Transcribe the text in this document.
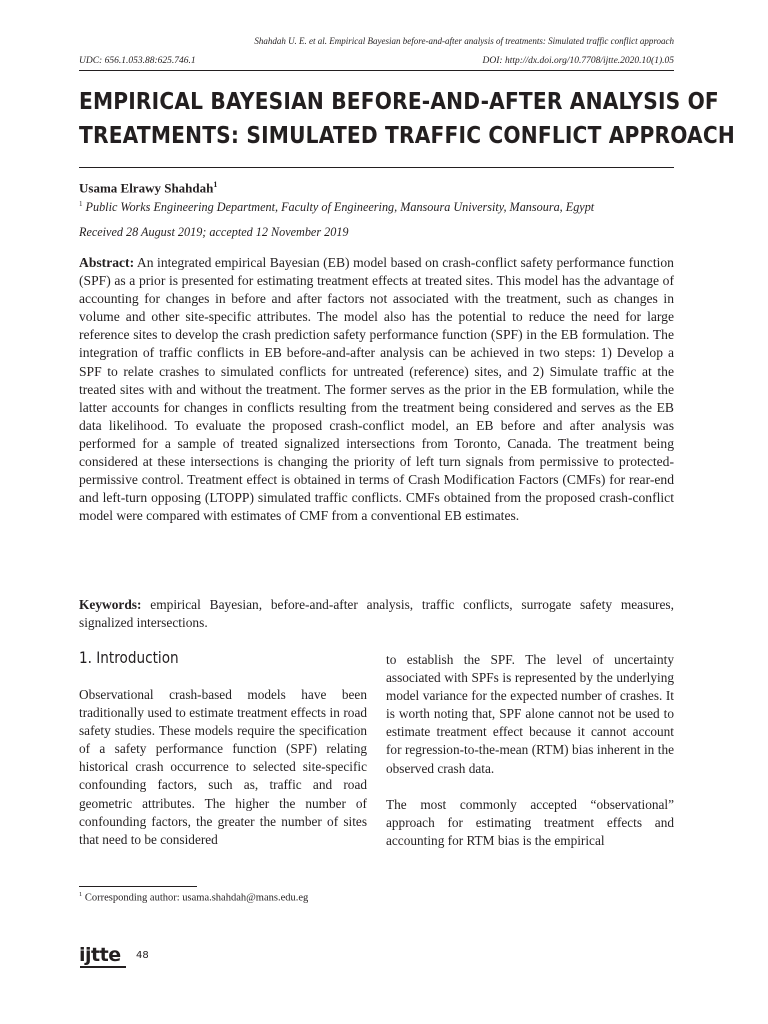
Shahdah U. E. et al. Empirical Bayesian before-and-after analysis of treatments: Simulated traffic conflict approach
UDC: 656.1.053.88:625.746.1	DOI: http://dx.doi.org/10.7708/ijtte.2020.10(1).05
EMPIRICAL BAYESIAN BEFORE-AND-AFTER ANALYSIS OF
TREATMENTS: SIMULATED TRAFFIC CONFLICT APPROACH
Usama Elrawy Shahdah$^1$
$^1$ Public Works Engineering Department, Faculty of Engineering, Mansoura University, Mansoura, Egypt
Received 28 August 2019; accepted 12 November 2019
Abstract: An integrated empirical Bayesian (EB) model based on crash-conflict safety performance function (SPF) as a prior is presented for estimating treatment effects at treated sites. This model has the advantage of accounting for changes in before and after factors not associated with the treatment, such as changes in volume and other site-specific attributes. The model also has the potential to reduce the need for large reference sites to develop the crash prediction safety performance function (SPF) in the EB formulation. The integration of traffic conflicts in EB before-and-after analysis can be achieved in two steps: 1) Develop a SPF to relate crashes to simulated conflicts for untreated (reference) sites, and 2) Simulate traffic at the treated sites with and without the treatment. The former serves as the prior in the EB formulation, while the latter accounts for changes in conflicts resulting from the treatment being considered and serves as the EB data likelihood. To evaluate the proposed crash-conflict model, an EB before and after analysis was performed for a sample of treated signalized intersections from Toronto, Canada. The treatment being considered at these intersections is changing the priority of left turn signals from permissive to protected-permissive control. Treatment effect is obtained in terms of Crash Modification Factors (CMFs) for rear-end and left-turn opposing (LTOPP) simulated traffic conflicts. CMFs obtained from the proposed crash-conflict model were compared with estimates of CMF from a conventional EB estimates.
Keywords: empirical Bayesian, before-and-after analysis, traffic conflicts, surrogate safety measures, signalized intersections.
1. Introduction

Observational crash-based models have been traditionally used to estimate treatment effects in road safety studies. These models require the specification of a safety performance function (SPF) relating historical crash occurrence to selected site-specific confounding factors, such as, traffic and road geometric attributes. The higher the number of confounding factors, the greater the number of sites that need to be considered

to establish the SPF. The level of uncertainty associated with SPFs is represented by the underlying model variance for the expected number of crashes. It is worth noting that, SPF alone cannot not be used to estimate treatment effect because it cannot account for regression-to-the-mean (RTM) bias inherent in the observed crash data.

The most commonly accepted “observational” approach for estimating treatment effects and accounting for RTM bias is the empirical

$^1$ Corresponding author: usama.shahdah@mans.edu.eg
ijtte 48
